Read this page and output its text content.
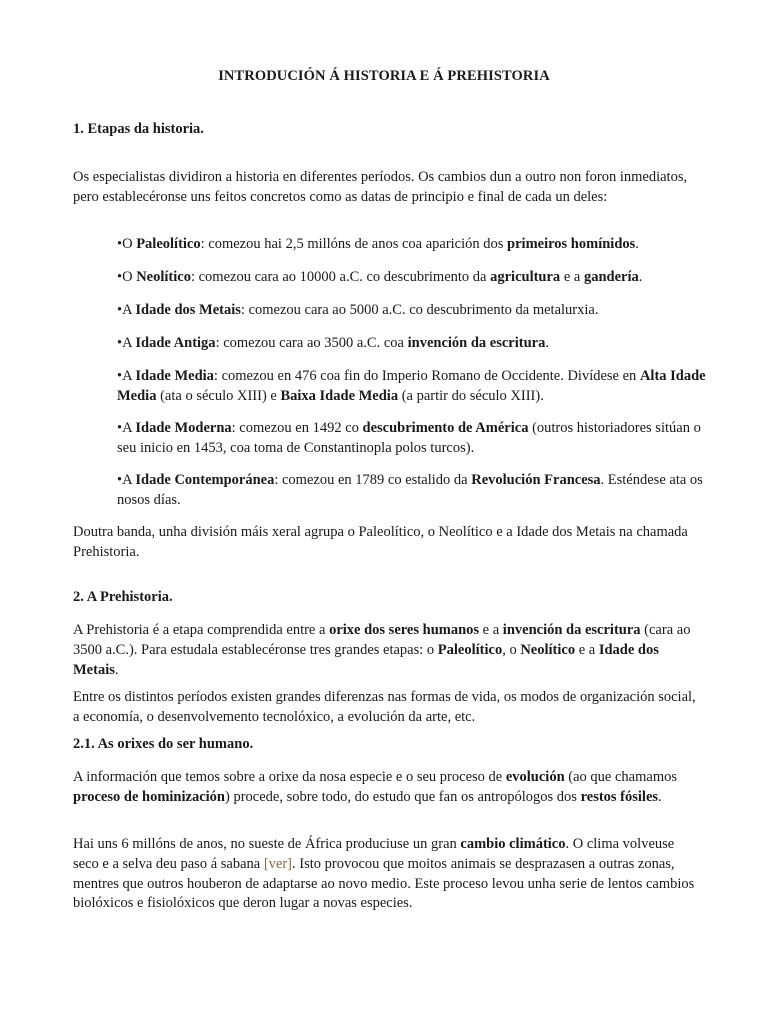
INTRODUCIÓN Á HISTORIA E Á PREHISTORIA
1. Etapas da historia.
Os especialistas dividiron a historia en diferentes períodos. Os cambios dun a outro non foron inmediatos, pero establecéronse uns feitos concretos como as datas de principio e final de cada un deles:
•O Paleolítico: comezou hai 2,5 millóns de anos coa aparición dos primeiros homínidos.
•O Neolítico: comezou cara ao 10000 a.C. co descubrimento da agricultura e a gandería.
•A Idade dos Metais: comezou cara ao 5000 a.C. co descubrimento da metalurxia.
•A Idade Antiga: comezou cara ao 3500 a.C. coa invención da escritura.
•A Idade Media: comezou en 476 coa fin do Imperio Romano de Occidente. Divídese en Alta Idade Media (ata o século XIII) e Baixa Idade Media (a partir do século XIII).
•A Idade Moderna: comezou en 1492 co descubrimento de América (outros historiadores sitúan o seu inicio en 1453, coa toma de Constantinopla polos turcos).
•A Idade Contemporánea: comezou en 1789 co estalido da Revolución Francesa. Esténdese ata os nosos días.
Doutra banda, unha división máis xeral agrupa o Paleolítico, o Neolítico e a Idade dos Metais na chamada Prehistoria.
2. A Prehistoria.
A Prehistoria é a etapa comprendida entre a orixe dos seres humanos e a invención da escritura (cara ao 3500 a.C.). Para estudala establecéronse tres grandes etapas: o Paleolítico, o Neolítico e a Idade dos Metais.
Entre os distintos períodos existen grandes diferenzas nas formas de vida, os modos de organización social, a economía, o desenvolvemento tecnolóxico, a evolución da arte, etc.
2.1. As orixes do ser humano.
A información que temos sobre a orixe da nosa especie e o seu proceso de evolución (ao que chamamos proceso de hominización) procede, sobre todo, do estudo que fan os antropólogos dos restos fósiles.
Hai uns 6 millóns de anos, no sueste de África produciuse un gran cambio climático. O clima volveuse seco e a selva deu paso á sabana [ver]. Isto provocou que moitos animais se desprazasen a outras zonas, mentres que outros houberon de adaptarse ao novo medio. Este proceso levou unha serie de lentos cambios biolóxicos e fisiolóxicos que deron lugar a novas especies.
